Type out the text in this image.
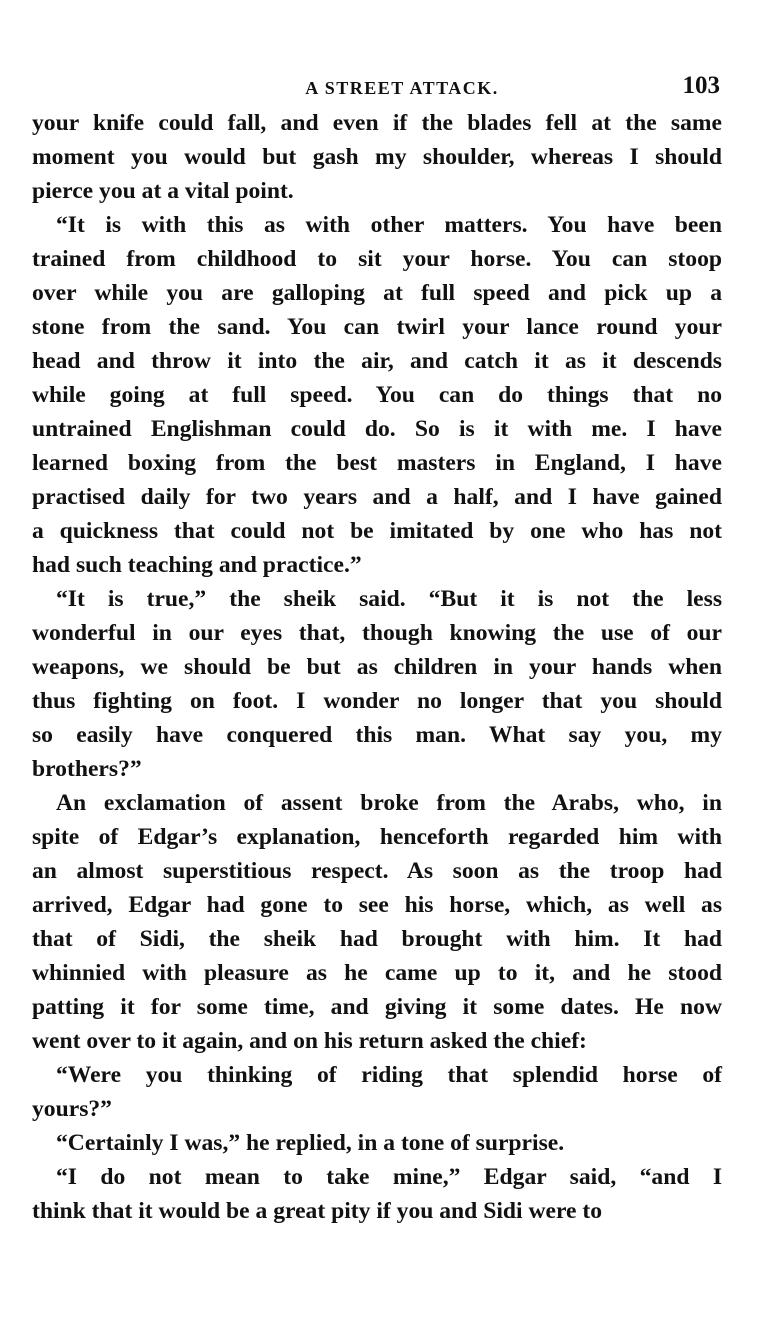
A STREET ATTACK.	103

your knife could fall, and even if the blades fell at the same
moment you would but gash my shoulder, whereas I should
pierce you at a vital point.

“It is with this as with other matters. You have been
trained from childhood to sit your horse. You can stoop
over while you are galloping at full speed and pick up a
stone from the sand. You can twirl your lance round your
head and throw it into the air, and catch it as it descends
while going at full speed. You can do things that no
untrained Englishman could do. So is it with me. I have
learned boxing from the best masters in England, I have
practised daily for two years and a half, and I have gained
a quickness that could not be imitated by one who has not
had such teaching and practice.”

“It is true,” the sheik said. “But it is not the less
wonderful in our eyes that, though knowing the use of our
weapons, we should be but as children in your hands when
thus fighting on foot. I wonder no longer that you should
so easily have conquered this man. What say you, my
brothers?”

An exclamation of assent broke from the Arabs, who, in
spite of Edgar’s explanation, henceforth regarded him with
an almost superstitious respect. As soon as the troop had
arrived, Edgar had gone to see his horse, which, as well as
that of Sidi, the sheik had brought with him. It had
whinnied with pleasure as he came up to it, and he stood
patting it for some time, and giving it some dates. He now
went over to it again, and on his return asked the chief:

“Were you thinking of riding that splendid horse of
yours?”

“Certainly I was,” he replied, in a tone of surprise.

“I do not mean to take mine,” Edgar said, “and I
think that it would be a great pity if you and Sidi were to
